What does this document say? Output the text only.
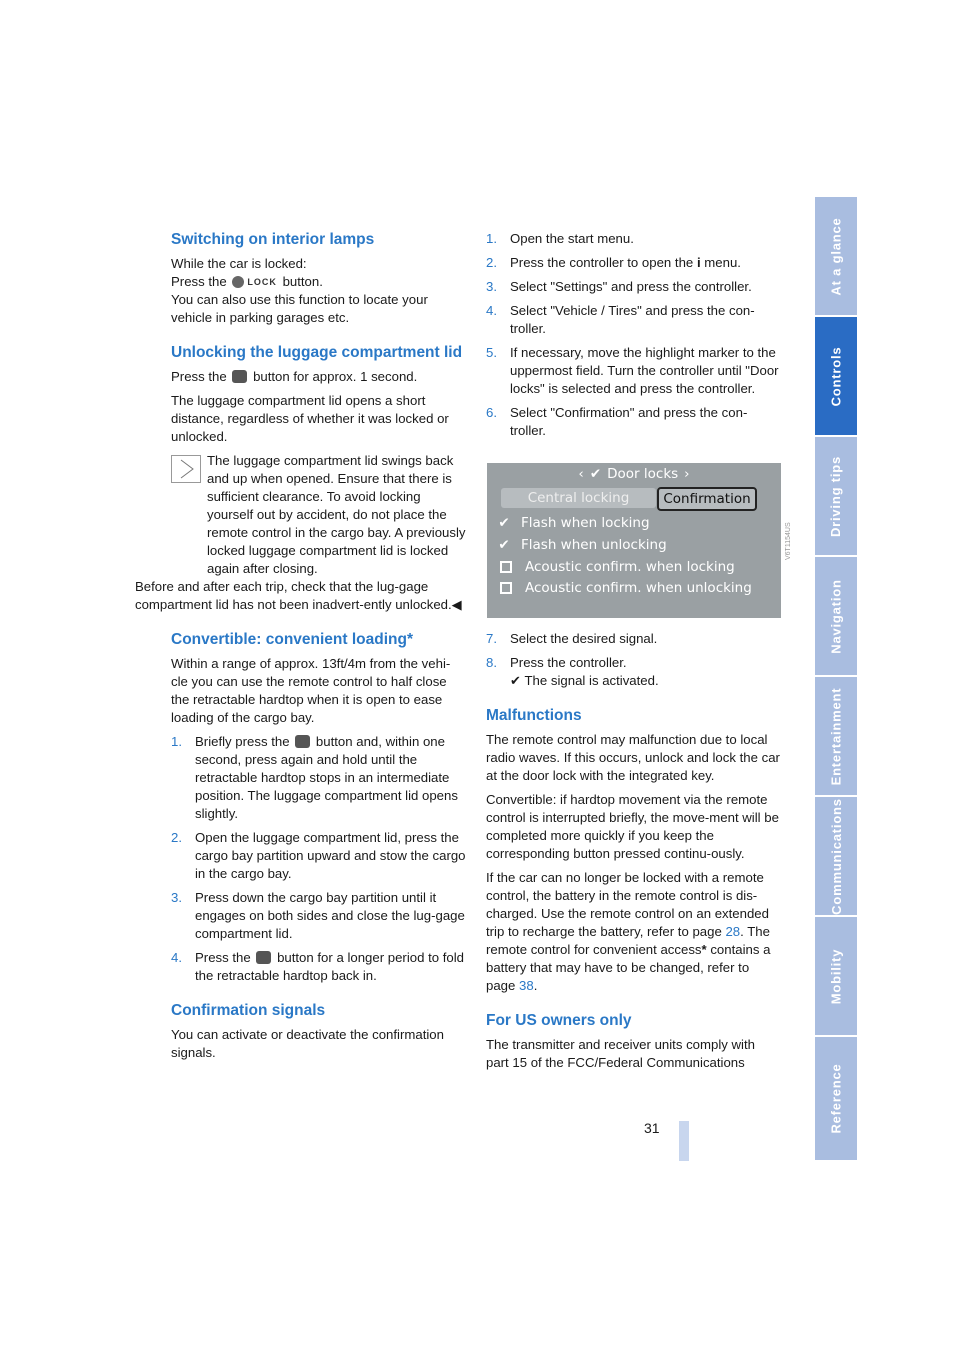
Switching on interior lamps

While the car is locked:

Press the LOCK button.

You can also use this function to locate your vehicle in parking garages etc.

Unlocking the luggage compartment lid

Press the button for approx. 1 second.

The luggage compartment lid opens a short distance, regardless of whether it was locked or unlocked.

The luggage compartment lid swings back and up when opened. Ensure that there is sufficient clearance. To avoid locking yourself out by accident, do not place the remote control in the cargo bay. A previously locked luggage compartment lid is locked again after closing.

Before and after each trip, check that the lug-gage compartment lid has not been inadvert-ently unlocked.◀

Convertible: convenient loading*

Within a range of approx. 13ft/4m from the vehi-cle you can use the remote control to half close the retractable hardtop when it is open to ease loading of the cargo bay.

1. Briefly press the button and, within one second, press again and hold until the retractable hardtop stops in an intermediate position. The luggage compartment lid opens slightly.
2. Open the luggage compartment lid, press the cargo bay partition upward and stow the cargo in the cargo bay.
3. Press down the cargo bay partition until it engages on both sides and close the lug-gage compartment lid.
4. Press the button for a longer period to fold the retractable hardtop back in.
Confirmation signals

You can activate or deactivate the confirmation signals.

1. Open the start menu.
2. Press the controller to open the i menu.
3. Select "Settings" and press the controller.
4. Select "Vehicle / Tires" and press the con-troller.
5. If necessary, move the highlight marker to the uppermost field. Turn the controller until "Door locks" is selected and press the controller.
6. Select "Confirmation" and press the con-troller.
‹ ✔ Door locks ›
Central locking	Confirmation
✔ Flash when locking
✔ Flash when unlocking
Acoustic confirm. when locking
Acoustic confirm. when unlocking
V6T1154US
7. Select the desired signal.
8. Press the controller.

✔ The signal is activated.

Malfunctions

The remote control may malfunction due to local radio waves. If this occurs, unlock and lock the car at the door lock with the integrated key.

Convertible: if hardtop movement via the remote control is interrupted briefly, the move-ment will be completed more quickly if you keep the corresponding button pressed continu-ously.

If the car can no longer be locked with a remote control, the battery in the remote control is dis-charged. Use the remote control on an extended trip to recharge the battery, refer to page 28. The remote control for convenient access* contains a battery that may have to be changed, refer to page 38.

For US owners only

The transmitter and receiver units comply with part 15 of the FCC/Federal Communications

At a glance
Controls
Driving tips
Navigation
Entertainment
Communications
Mobility
Reference
31
